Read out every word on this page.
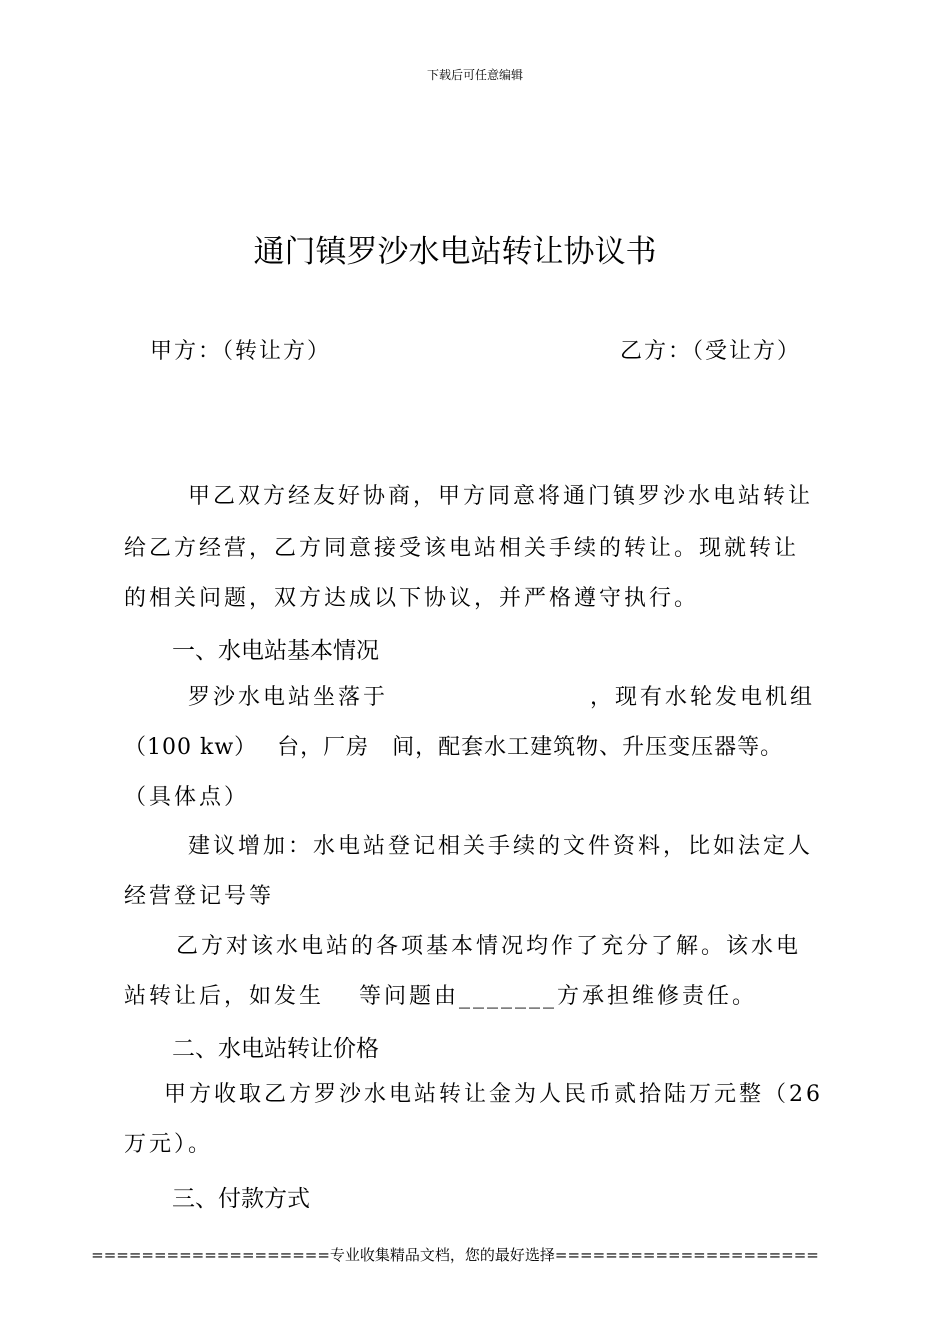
下载后可任意编辑
通门镇罗沙水电站转让协议书
甲方：（转让方）	乙方：（受让方）
甲乙双方经友好协商，甲方同意将通门镇罗沙水电站转让
给乙方经营，乙方同意接受该电站相关手续的转让。现就转让
的相关问题，双方达成以下协议，并严格遵守执行。
一、水电站基本情况
罗沙水电站坐落于	，现有水轮发电机组
（100 kw）　 台，厂房　间，配套水工建筑物、升压变压器等。
（具体点）
建议增加：水电站登记相关手续的文件资料，比如法定人
经营登记号等
乙方对该水电站的各项基本情况均作了充分了解。该水电
站转让后，如发生　 等问题由_______方承担维修责任。
二、水电站转让价格
甲方收取乙方罗沙水电站转让金为人民币贰拾陆万元整（26
万元）。
三、付款方式
===================专业收集精品文档，您的最好选择=====================
